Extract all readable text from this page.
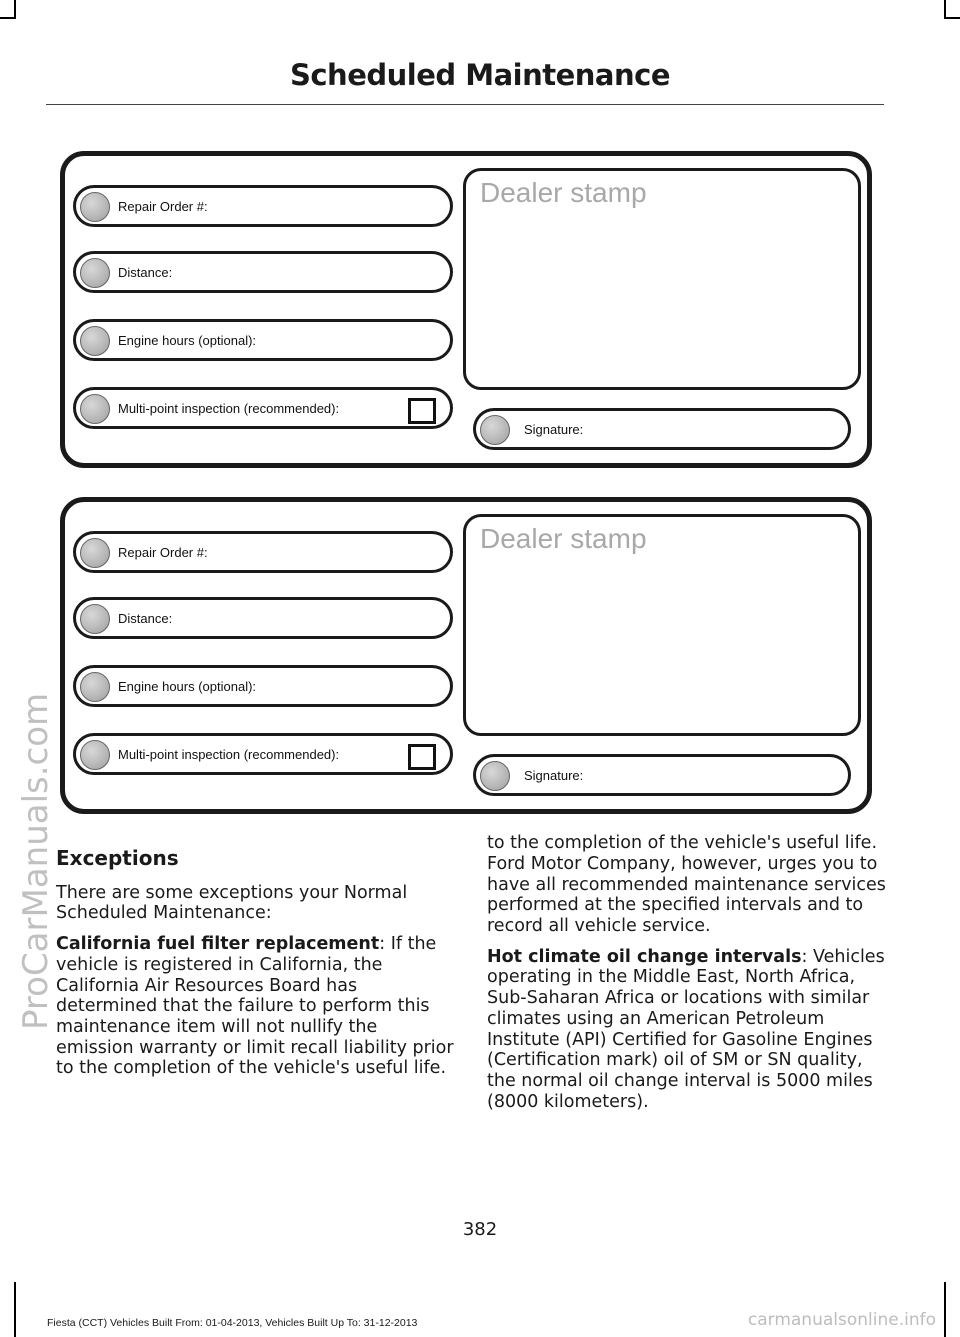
Scheduled Maintenance
ProCarManuals.com
Repair Order #:
Distance:
Engine hours (optional):
Multi-point inspection (recommended):
Dealer stamp
Signature:
Repair Order #:
Distance:
Engine hours (optional):
Multi-point inspection (recommended):
Dealer stamp
Signature:

Exceptions

There are some exceptions your Normal Scheduled Maintenance:

California fuel filter replacement: If the vehicle is registered in California, the California Air Resources Board has determined that the failure to perform this maintenance item will not nullify the emission warranty or limit recall liability prior to the completion of the vehicle's useful life.

to the completion of the vehicle's useful life. Ford Motor Company, however, urges you to have all recommended maintenance services performed at the specified intervals and to record all vehicle service.

Hot climate oil change intervals: Vehicles operating in the Middle East, North Africa, Sub-Saharan Africa or locations with similar climates using an American Petroleum Institute (API) Certified for Gasoline Engines (Certification mark) oil of SM or SN quality, the normal oil change interval is 5000 miles (8000 kilometers).

382
Fiesta (CCT) Vehicles Built From: 01-04-2013, Vehicles Built Up To: 31-12-2013	carmanualsonline.info
